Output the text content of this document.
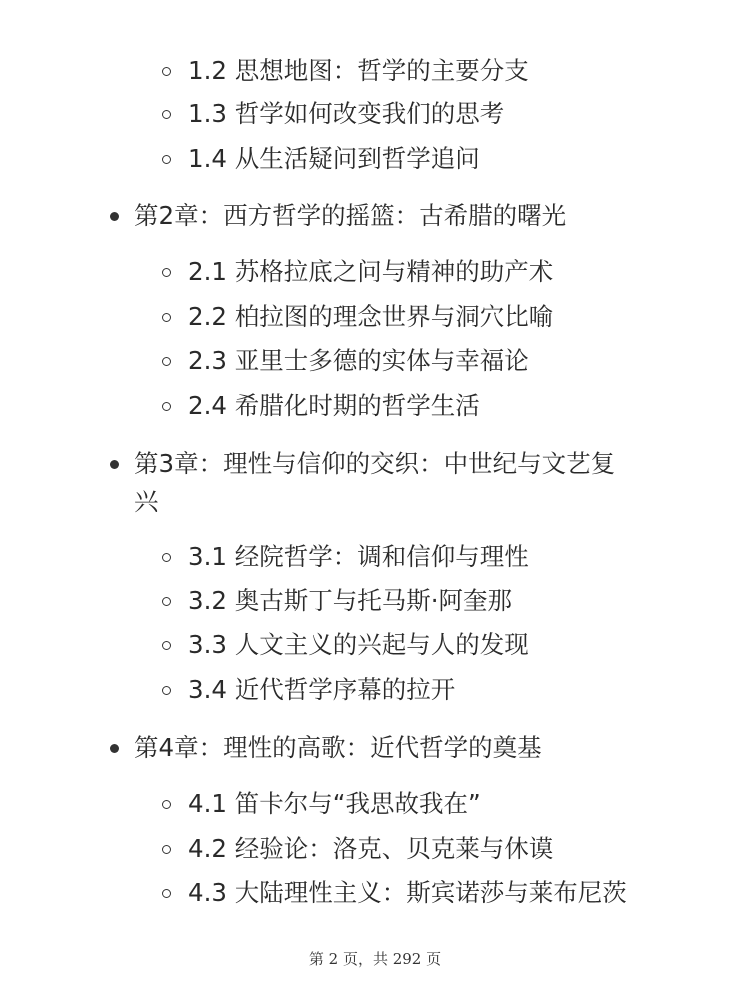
1.2 思想地图：哲学的主要分支
1.3 哲学如何改变我们的思考
1.4 从生活疑问到哲学追问
第2章：西方哲学的摇篮：古希腊的曙光
2.1 苏格拉底之问与精神的助产术
2.2 柏拉图的理念世界与洞穴比喻
2.3 亚里士多德的实体与幸福论
2.4 希腊化时期的哲学生活
第3章：理性与信仰的交织：中世纪与文艺复
兴
3.1 经院哲学：调和信仰与理性
3.2 奥古斯丁与托马斯·阿奎那
3.3 人文主义的兴起与人的发现
3.4 近代哲学序幕的拉开
第4章：理性的高歌：近代哲学的奠基
4.1 笛卡尔与“我思故我在”
4.2 经验论：洛克、贝克莱与休谟
4.3 大陆理性主义：斯宾诺莎与莱布尼茨
第 2 页，共 292 页
